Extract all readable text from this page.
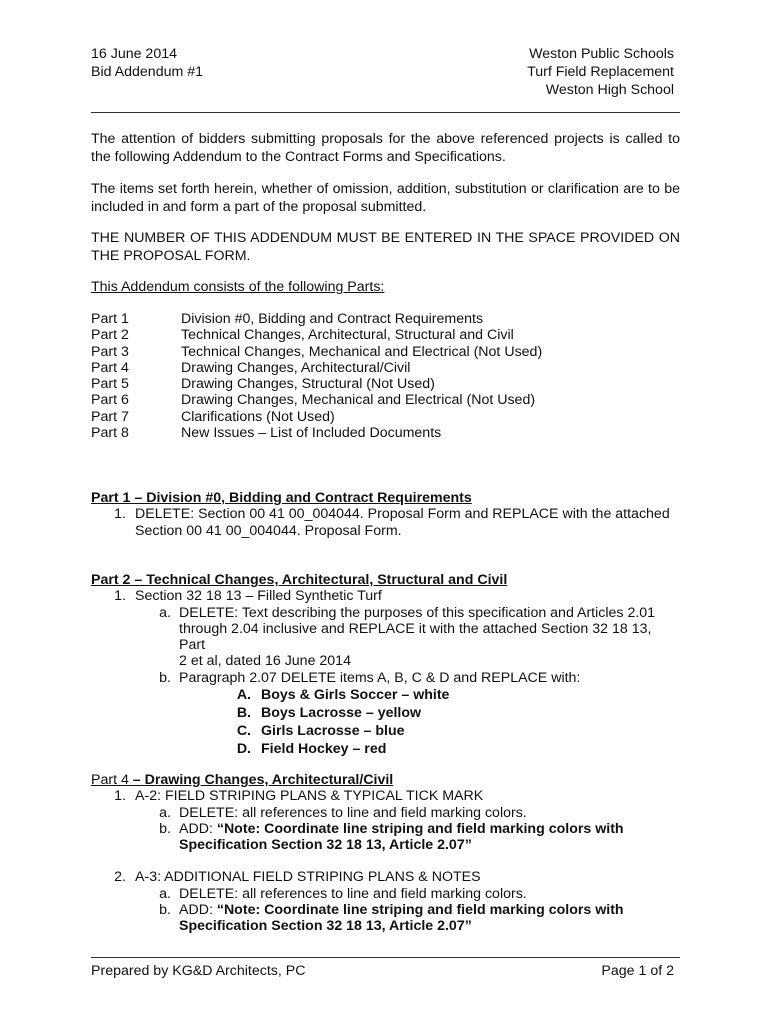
16 June 2014
Bid Addendum #1
Weston Public Schools
Turf Field Replacement
Weston High School
The attention of bidders submitting proposals for the above referenced projects is called to the following Addendum to the Contract Forms and Specifications.
The items set forth herein, whether of omission, addition, substitution or clarification are to be included in and form a part of the proposal submitted.
THE NUMBER OF THIS ADDENDUM MUST BE ENTERED IN THE SPACE PROVIDED ON THE PROPOSAL FORM.
This Addendum consists of the following Parts:
Part 1	Division #0, Bidding and Contract Requirements
Part 2	Technical Changes, Architectural, Structural and Civil
Part 3	Technical Changes, Mechanical and Electrical (Not Used)
Part 4	Drawing Changes, Architectural/Civil
Part 5	Drawing Changes, Structural (Not Used)
Part 6	Drawing Changes, Mechanical and Electrical (Not Used)
Part 7	Clarifications (Not Used)
Part 8	New Issues – List of Included Documents
Part 1 – Division #0, Bidding and Contract Requirements
1. DELETE: Section 00 41 00_004044. Proposal Form and REPLACE with the attached
Section 00 41 00_004044. Proposal Form.
Part 2 – Technical Changes, Architectural, Structural and Civil
1. Section 32 18 13 – Filled Synthetic Turf
a. DELETE: Text describing the purposes of this specification and Articles 2.01
through 2.04 inclusive and REPLACE it with the attached Section 32 18 13, Part
2 et al, dated 16 June 2014
b. Paragraph 2.07 DELETE items A, B, C & D and REPLACE with:
A. Boys & Girls Soccer – white
B. Boys Lacrosse – yellow
C. Girls Lacrosse – blue
D. Field Hockey – red
Part 4 – Drawing Changes, Architectural/Civil
1. A-2: FIELD STRIPING PLANS & TYPICAL TICK MARK
a. DELETE: all references to line and field marking colors.
b. ADD: “Note: Coordinate line striping and field marking colors with
Specification Section 32 18 13, Article 2.07”
2. A-3: ADDITIONAL FIELD STRIPING PLANS & NOTES
a. DELETE: all references to line and field marking colors.
b. ADD: “Note: Coordinate line striping and field marking colors with
Specification Section 32 18 13, Article 2.07”
Prepared by KG&D Architects, PC	Page 1 of 2
